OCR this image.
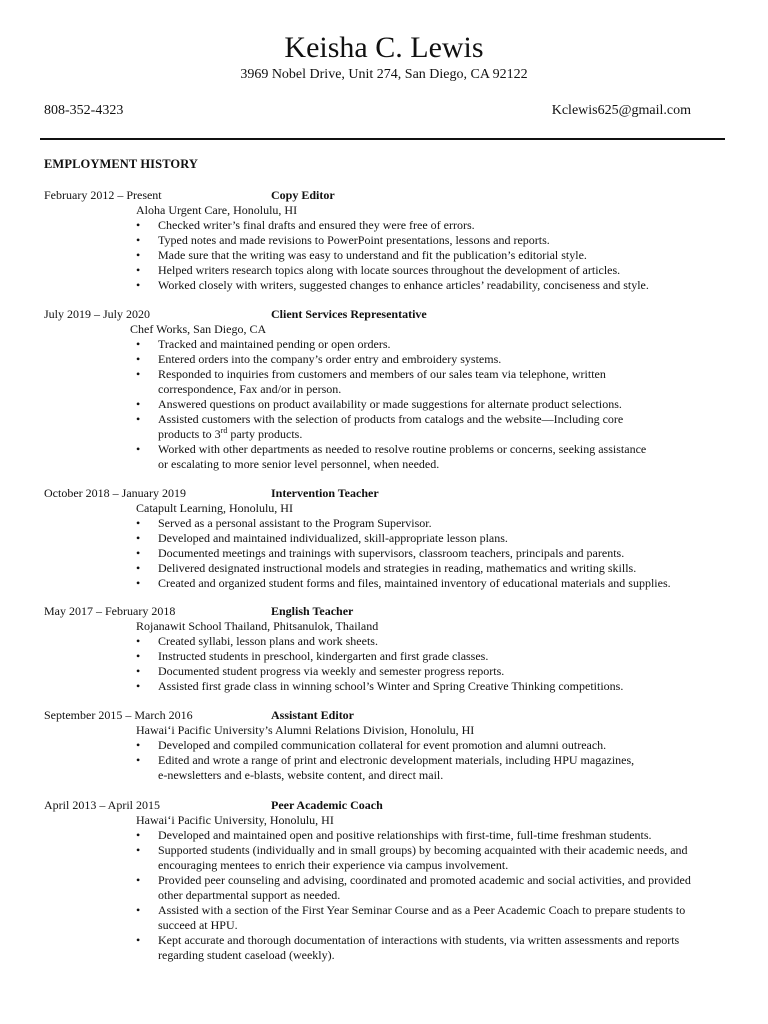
Keisha C. Lewis
3969 Nobel Drive, Unit 274, San Diego, CA 92122
808-352-4323	Kclewis625@gmail.com
EMPLOYMENT HISTORY
February 2012 – Present	Copy Editor
Aloha Urgent Care, Honolulu, HI
• Checked writer’s final drafts and ensured they were free of errors.
• Typed notes and made revisions to PowerPoint presentations, lessons and reports.
• Made sure that the writing was easy to understand and fit the publication’s editorial style.
• Helped writers research topics along with locate sources throughout the development of articles.
• Worked closely with writers, suggested changes to enhance articles’ readability, conciseness and style.
July 2019 – July 2020	Client Services Representative
Chef Works, San Diego, CA
• Tracked and maintained pending or open orders.
• Entered orders into the company’s order entry and embroidery systems.
• Responded to inquiries from customers and members of our sales team via telephone, written
correspondence, Fax and/or in person.
• Answered questions on product availability or made suggestions for alternate product selections.
• Assisted customers with the selection of products from catalogs and the website—Including core
products to 3rd party products.
• Worked with other departments as needed to resolve routine problems or concerns, seeking assistance
or escalating to more senior level personnel, when needed.
October 2018 – January 2019	Intervention Teacher
Catapult Learning, Honolulu, HI
• Served as a personal assistant to the Program Supervisor.
• Developed and maintained individualized, skill-appropriate lesson plans.
• Documented meetings and trainings with supervisors, classroom teachers, principals and parents.
• Delivered designated instructional models and strategies in reading, mathematics and writing skills.
• Created and organized student forms and files, maintained inventory of educational materials and supplies.
May 2017 – February 2018	English Teacher
Rojanawit School Thailand, Phitsanulok, Thailand
• Created syllabi, lesson plans and work sheets.
• Instructed students in preschool, kindergarten and first grade classes.
• Documented student progress via weekly and semester progress reports.
• Assisted first grade class in winning school’s Winter and Spring Creative Thinking competitions.
September 2015 – March 2016	Assistant Editor
Hawai‘i Pacific University’s Alumni Relations Division, Honolulu, HI
• Developed and compiled communication collateral for event promotion and alumni outreach.
• Edited and wrote a range of print and electronic development materials, including HPU magazines,
e-newsletters and e-blasts, website content, and direct mail.
April 2013 – April 2015	Peer Academic Coach
Hawai‘i Pacific University, Honolulu, HI
• Developed and maintained open and positive relationships with first-time, full-time freshman students.
• Supported students (individually and in small groups) by becoming acquainted with their academic needs, and
encouraging mentees to enrich their experience via campus involvement.
• Provided peer counseling and advising, coordinated and promoted academic and social activities, and provided
other departmental support as needed.
• Assisted with a section of the First Year Seminar Course and as a Peer Academic Coach to prepare students to
succeed at HPU.
• Kept accurate and thorough documentation of interactions with students, via written assessments and reports
regarding student caseload (weekly).
